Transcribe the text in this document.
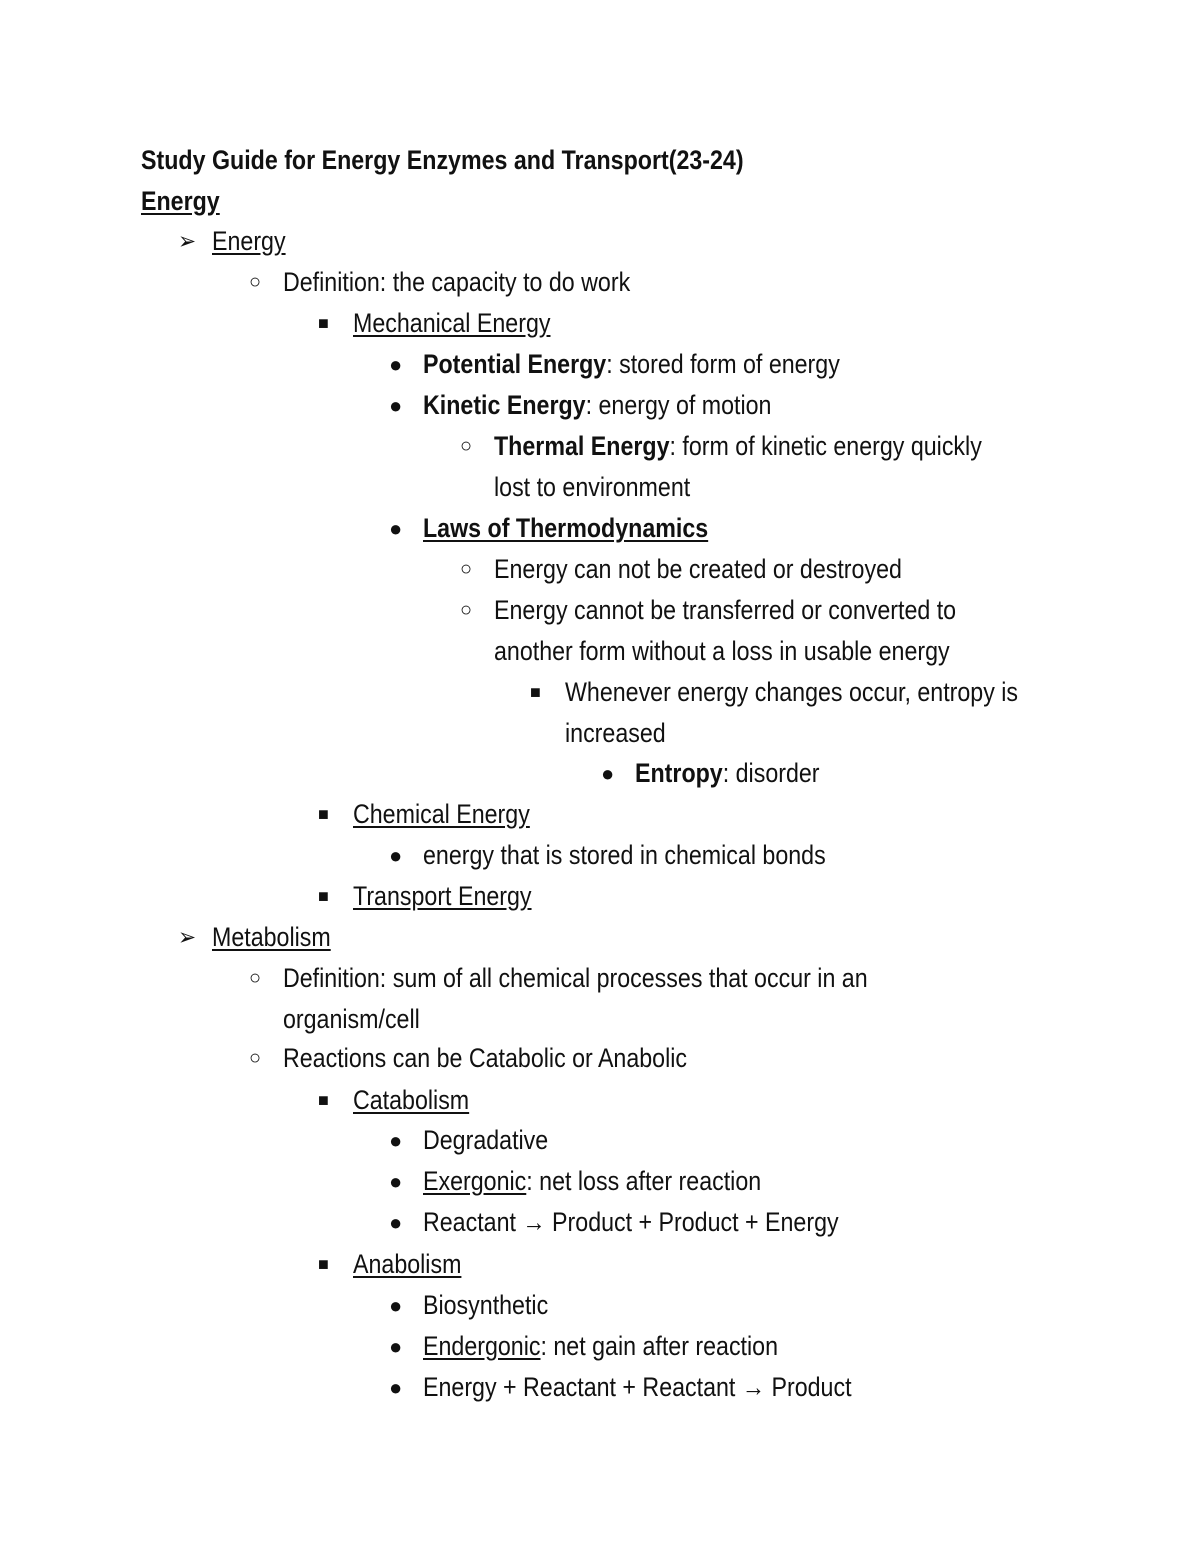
Study Guide for Energy Enzymes and Transport(23-24)
Energy
➢ Energy
○ Definition: the capacity to do work
■ Mechanical Energy
● Potential Energy: stored form of energy
● Kinetic Energy: energy of motion
○ Thermal Energy: form of kinetic energy quickly
lost to environment
● Laws of Thermodynamics
○ Energy can not be created or destroyed
○ Energy cannot be transferred or converted to
another form without a loss in usable energy
■ Whenever energy changes occur, entropy is
increased
● Entropy: disorder
■ Chemical Energy
● energy that is stored in chemical bonds
■ Transport Energy
➢ Metabolism
○ Definition: sum of all chemical processes that occur in an
organism/cell
○ Reactions can be Catabolic or Anabolic
■ Catabolism
● Degradative
● Exergonic: net loss after reaction
● Reactant → Product + Product + Energy
■ Anabolism
● Biosynthetic
● Endergonic: net gain after reaction
● Energy + Reactant + Reactant → Product
